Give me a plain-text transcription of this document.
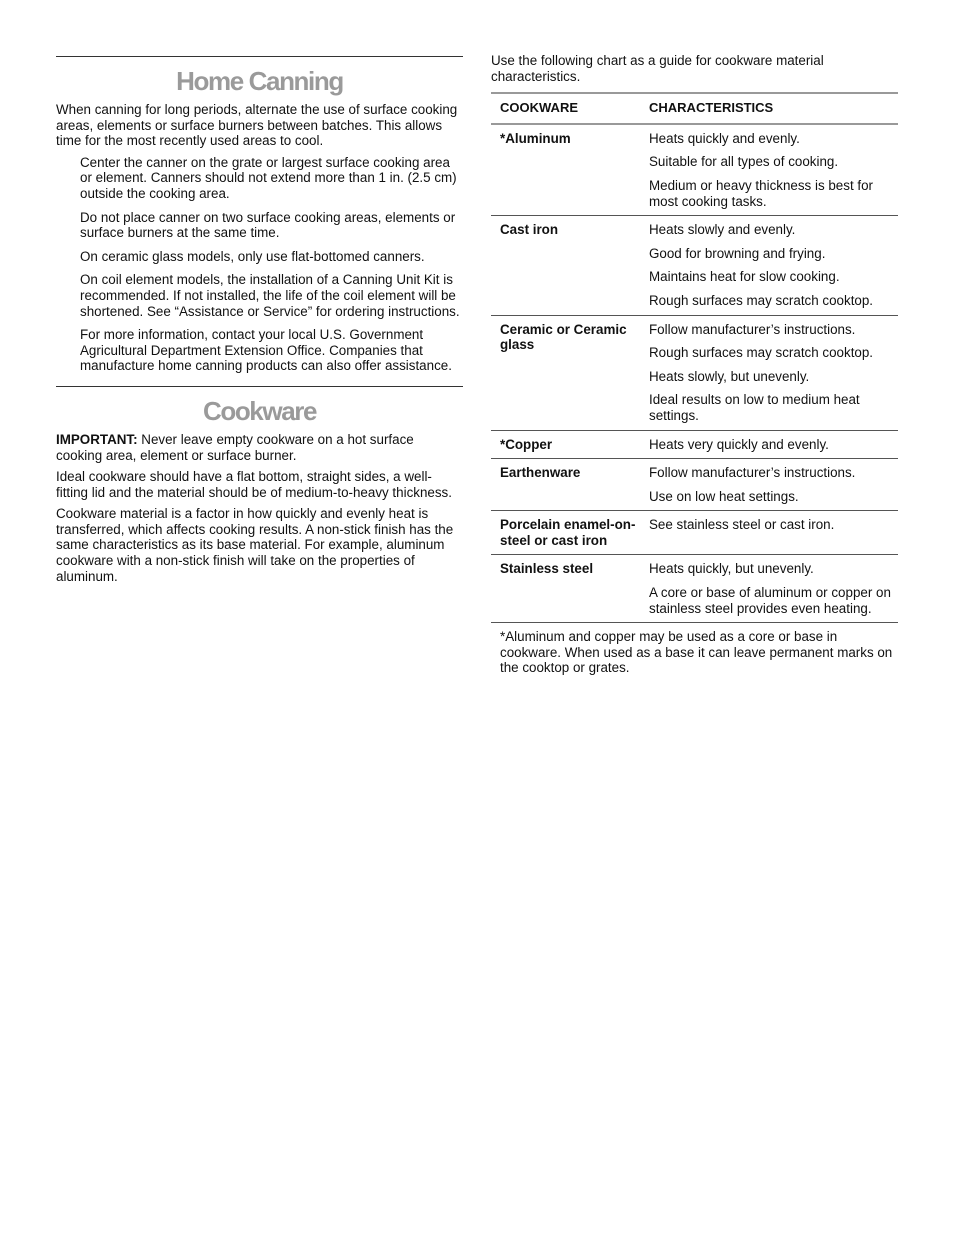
Home Canning

When canning for long periods, alternate the use of surface cooking areas, elements or surface burners between batches. This allows time for the most recently used areas to cool.

Center the canner on the grate or largest surface cooking area or element. Canners should not extend more than 1 in. (2.5 cm) outside the cooking area.

Do not place canner on two surface cooking areas, elements or surface burners at the same time.

On ceramic glass models, only use flat-bottomed canners.

On coil element models, the installation of a Canning Unit Kit is recommended. If not installed, the life of the coil element will be shortened. See “Assistance or Service” for ordering instructions.

For more information, contact your local U.S. Government Agricultural Department Extension Office. Companies that manufacture home canning products can also offer assistance.

Cookware

IMPORTANT: Never leave empty cookware on a hot surface cooking area, element or surface burner.

Ideal cookware should have a flat bottom, straight sides, a well-fitting lid and the material should be of medium-to-heavy thickness.

Cookware material is a factor in how quickly and evenly heat is transferred, which affects cooking results. A non-stick finish has the same characteristics as its base material. For example, aluminum cookware with a non-stick finish will take on the properties of aluminum.

Use the following chart as a guide for cookware material characteristics.

COOKWARE	CHARACTERISTICS
*Aluminum	Heats quickly and evenly.
Suitable for all types of cooking.
Medium or heavy thickness is best for most cooking tasks.

Cast iron	Heats slowly and evenly.
Good for browning and frying.
Maintains heat for slow cooking.
Rough surfaces may scratch cooktop.

Ceramic or Ceramic glass	Follow manufacturer’s instructions.
Rough surfaces may scratch cooktop.
Heats slowly, but unevenly.
Ideal results on low to medium heat settings.

*Copper	Heats very quickly and evenly.

Earthenware	Follow manufacturer’s instructions.
Use on low heat settings.

Porcelain enamel-on-steel or cast iron	See stainless steel or cast iron.

Stainless steel	Heats quickly, but unevenly.
A core or base of aluminum or copper on stainless steel provides even heating.
*Aluminum and copper may be used as a core or base in cookware. When used as a base it can leave permanent marks on the cooktop or grates.
